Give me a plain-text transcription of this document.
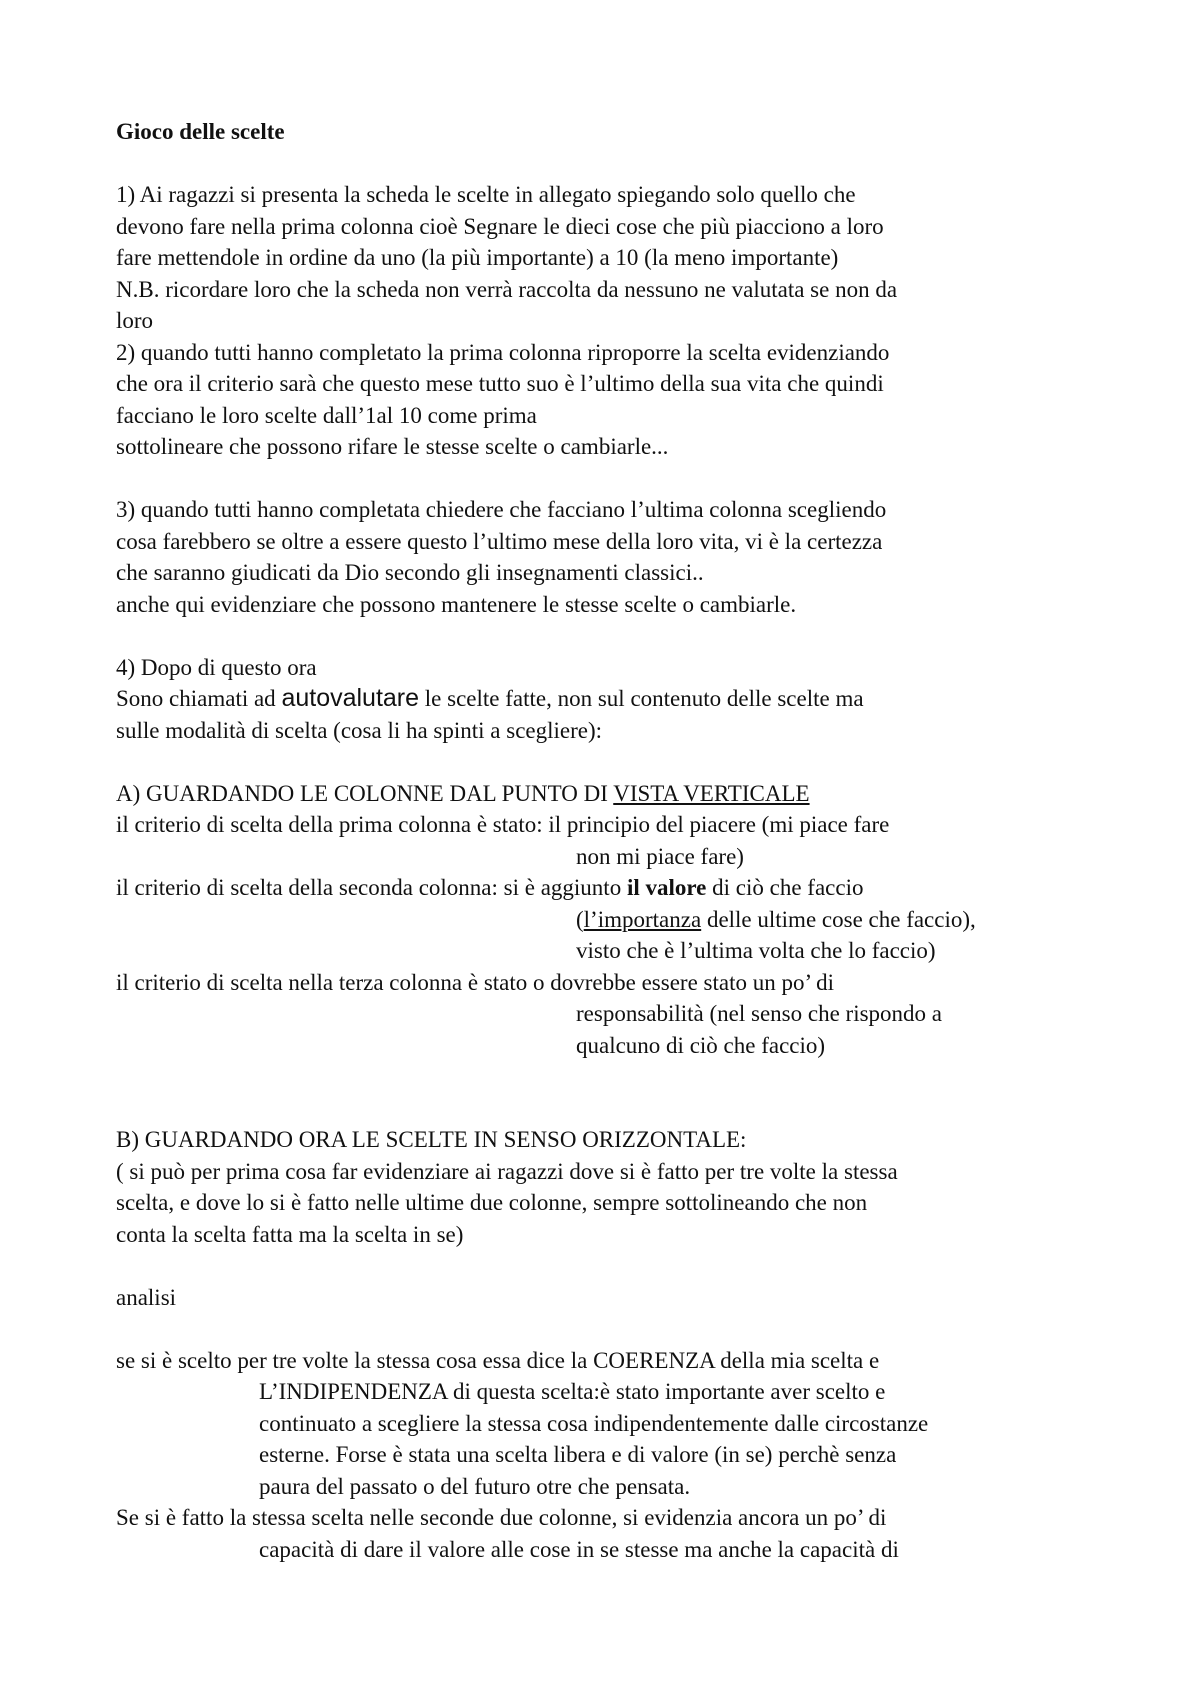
Gioco delle scelte
1) Ai ragazzi si presenta la scheda le scelte in allegato spiegando solo quello che
devono fare nella prima colonna cioè Segnare le dieci cose che più piacciono a loro
fare mettendole in ordine da uno (la più importante) a 10 (la meno importante)
N.B. ricordare loro che la scheda non verrà raccolta da nessuno ne valutata se non da
loro
2) quando tutti hanno completato la prima colonna riproporre la scelta evidenziando
che ora il criterio sarà che questo mese tutto suo è l’ultimo della sua vita che quindi
facciano le loro scelte dall’1al 10 come prima
sottolineare che possono rifare le stesse scelte o cambiarle...
3) quando tutti hanno completata chiedere che facciano l’ultima colonna scegliendo
cosa farebbero se oltre a essere questo l’ultimo mese della loro vita, vi è la certezza
che saranno giudicati da Dio secondo gli insegnamenti classici..
anche qui evidenziare che possono mantenere le stesse scelte o cambiarle.
4) Dopo di questo ora
Sono chiamati ad autovalutare le scelte fatte, non sul contenuto delle scelte ma
sulle modalità di scelta (cosa li ha spinti a scegliere):
A) GUARDANDO LE COLONNE DAL PUNTO DI VISTA VERTICALE
il criterio di scelta della prima colonna è stato: il principio del piacere (mi piace fare
non mi piace fare)
il criterio di scelta della seconda colonna: si è aggiunto il valore di ciò che faccio
(l’importanza delle ultime cose che faccio),
visto che è l’ultima volta che lo faccio)
il criterio di scelta nella terza colonna è stato o dovrebbe essere stato un po’ di
responsabilità (nel senso che rispondo a
qualcuno di ciò che faccio)
B) GUARDANDO ORA LE SCELTE IN SENSO ORIZZONTALE:
( si può per prima cosa far evidenziare ai ragazzi dove si è fatto per tre volte la stessa
scelta, e dove lo si è fatto nelle ultime due colonne, sempre sottolineando che non
conta la scelta fatta ma la scelta in se)
analisi
se si è scelto per tre volte la stessa cosa essa dice la COERENZA della mia scelta e
L’INDIPENDENZA di questa scelta:è stato importante aver scelto e
continuato a scegliere la stessa cosa indipendentemente dalle circostanze
esterne. Forse è stata una scelta libera e di valore (in se) perchè senza
paura del passato o del futuro otre che pensata.
Se si è fatto la stessa scelta nelle seconde due colonne, si evidenzia ancora un po’ di
capacità di dare il valore alle cose in se stesse ma anche la capacità di
